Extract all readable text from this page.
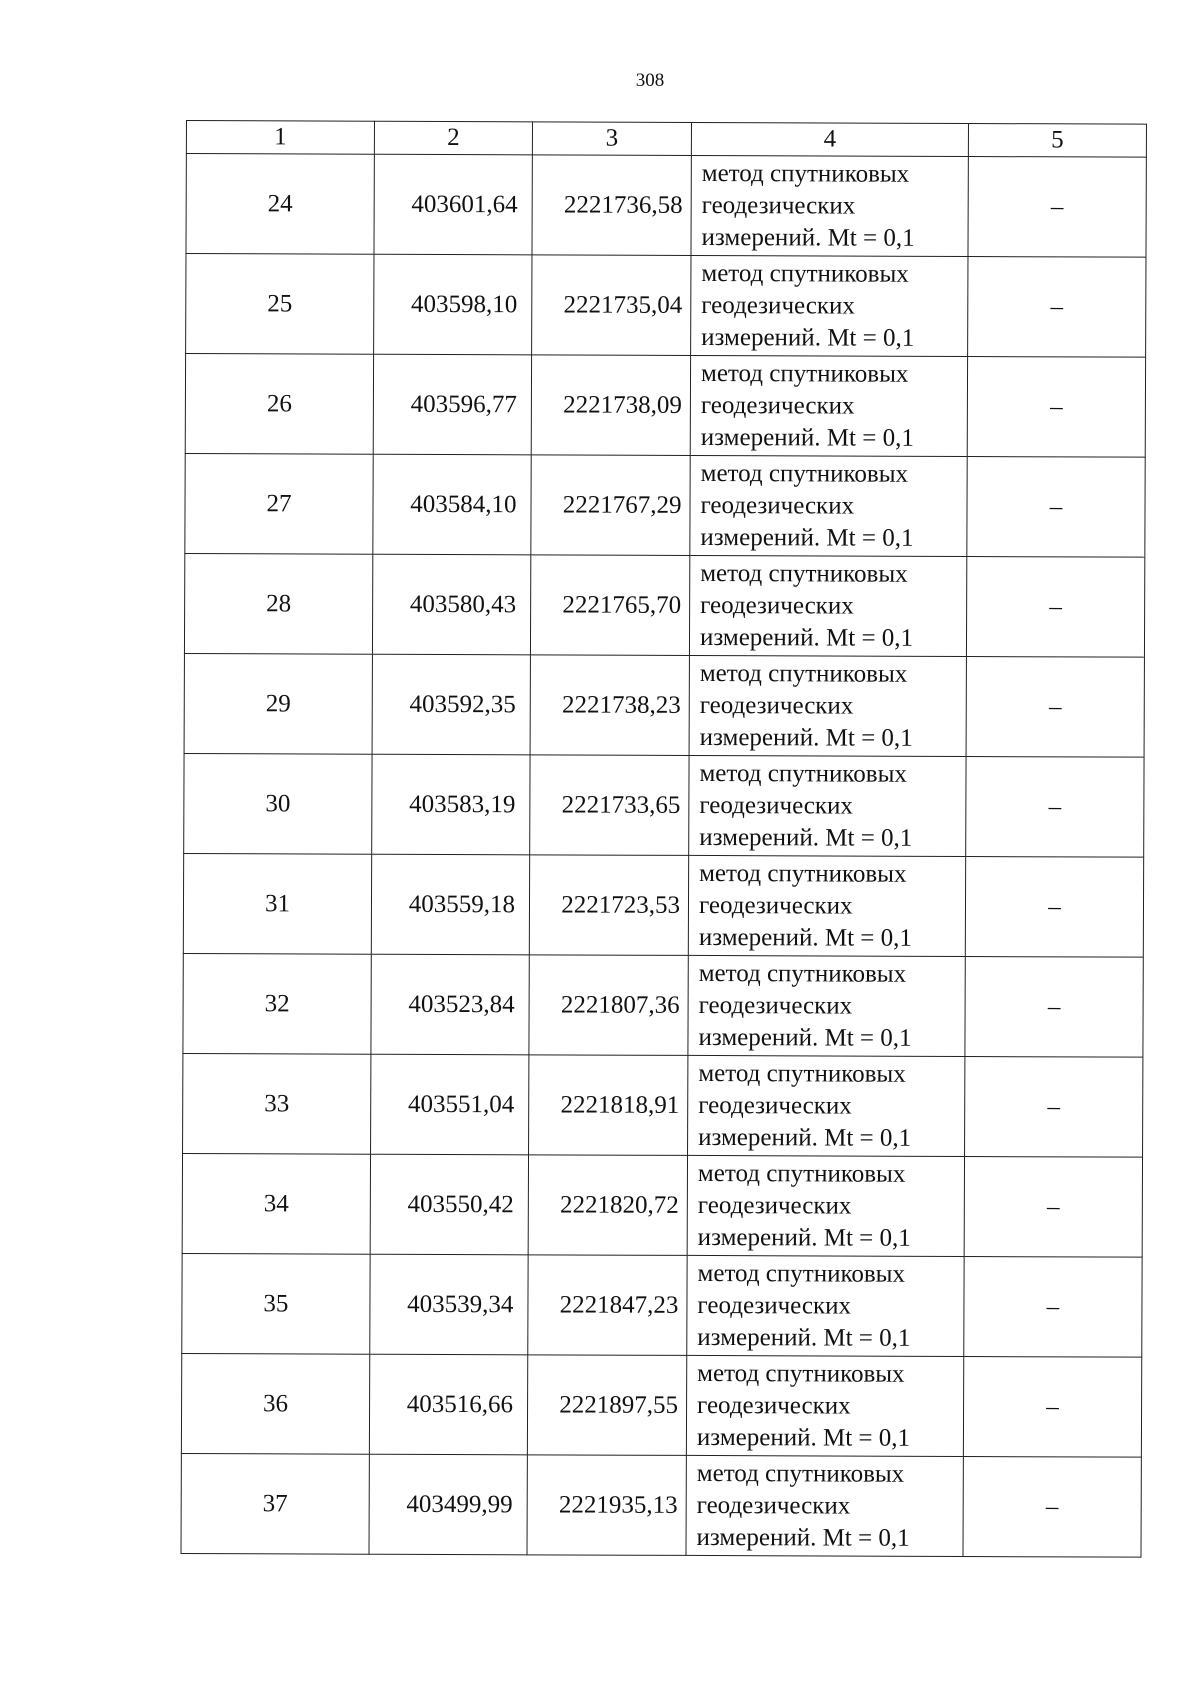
308
1	2	3	4	5
24	403601,64	2221736,58	метод спутниковых
геодезических
измерений. Mt = 0,1	–
25	403598,10	2221735,04	метод спутниковых
геодезических
измерений. Mt = 0,1	–
26	403596,77	2221738,09	метод спутниковых
геодезических
измерений. Mt = 0,1	–
27	403584,10	2221767,29	метод спутниковых
геодезических
измерений. Mt = 0,1	–
28	403580,43	2221765,70	метод спутниковых
геодезических
измерений. Mt = 0,1	–
29	403592,35	2221738,23	метод спутниковых
геодезических
измерений. Mt = 0,1	–
30	403583,19	2221733,65	метод спутниковых
геодезических
измерений. Mt = 0,1	–
31	403559,18	2221723,53	метод спутниковых
геодезических
измерений. Mt = 0,1	–
32	403523,84	2221807,36	метод спутниковых
геодезических
измерений. Mt = 0,1	–
33	403551,04	2221818,91	метод спутниковых
геодезических
измерений. Mt = 0,1	–
34	403550,42	2221820,72	метод спутниковых
геодезических
измерений. Mt = 0,1	–
35	403539,34	2221847,23	метод спутниковых
геодезических
измерений. Mt = 0,1	–
36	403516,66	2221897,55	метод спутниковых
геодезических
измерений. Mt = 0,1	–
37	403499,99	2221935,13	метод спутниковых
геодезических
измерений. Mt = 0,1	–
